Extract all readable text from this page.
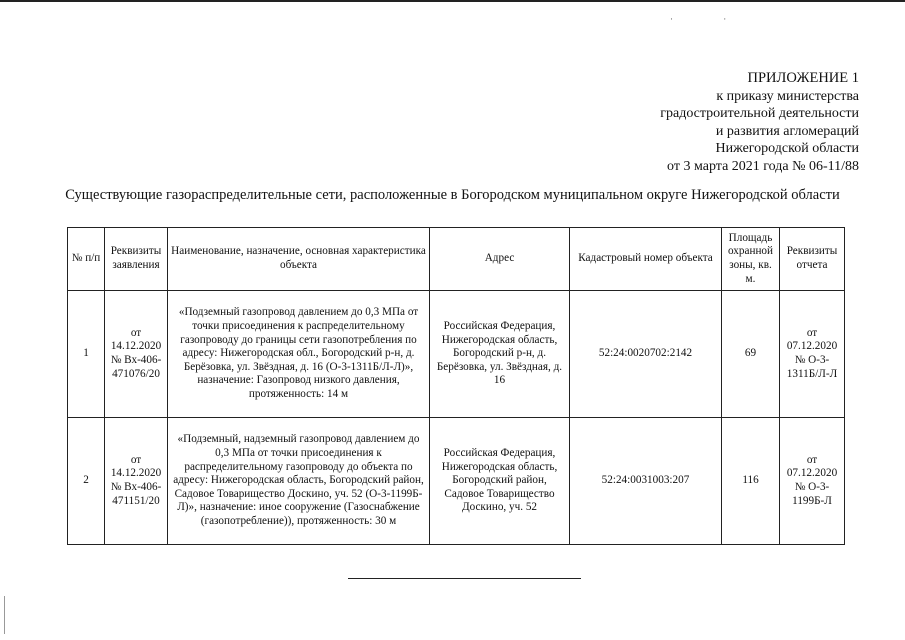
· ·
ПРИЛОЖЕНИЕ 1
к приказу министерства
градостроительной деятельности
и развития агломераций
Нижегородской области
от 3 марта 2021 года № 06-11/88
Существующие газораспределительные сети, расположенные в Богородском муниципальном округе Нижегородской области
№ п/п	Реквизиты заявления	Наименование, назначение, основная характеристика объекта	Адрес	Кадастровый номер объекта	Площадь охранной зоны, кв. м.	Реквизиты отчета
1	от 14.12.2020 № Вх-406-471076/20	«Подземный газопровод давлением до 0,3 МПа от точки присоединения к распределительному газопроводу до границы сети газопотребления по адресу: Нижегородская обл., Богородский р-н, д. Берёзовка, ул. Звёздная, д. 16 (О-3-1311Б/Л-Л)», назначение: Газопровод низкого давления, протяженность: 14 м	Российская Федерация, Нижегородская область, Богородский р-н, д. Берёзовка, ул. Звёздная, д. 16	52:24:0020702:2142	69	от 07.12.2020 № О-3-1311Б/Л-Л
2	от 14.12.2020 № Вх-406-471151/20	«Подземный, надземный газопровод давлением до 0,3 МПа от точки присоединения к распределительному газопроводу до объекта по адресу: Нижегородская область, Богородский район, Садовое Товарищество Доскино, уч. 52 (О-3-1199Б-Л)», назначение: иное сооружение (Газоснабжение (газопотребление)), протяженность: 30 м	Российская Федерация, Нижегородская область, Богородский район, Садовое Товарищество Доскино, уч. 52	52:24:0031003:207	116	от 07.12.2020 № О-3-1199Б-Л
